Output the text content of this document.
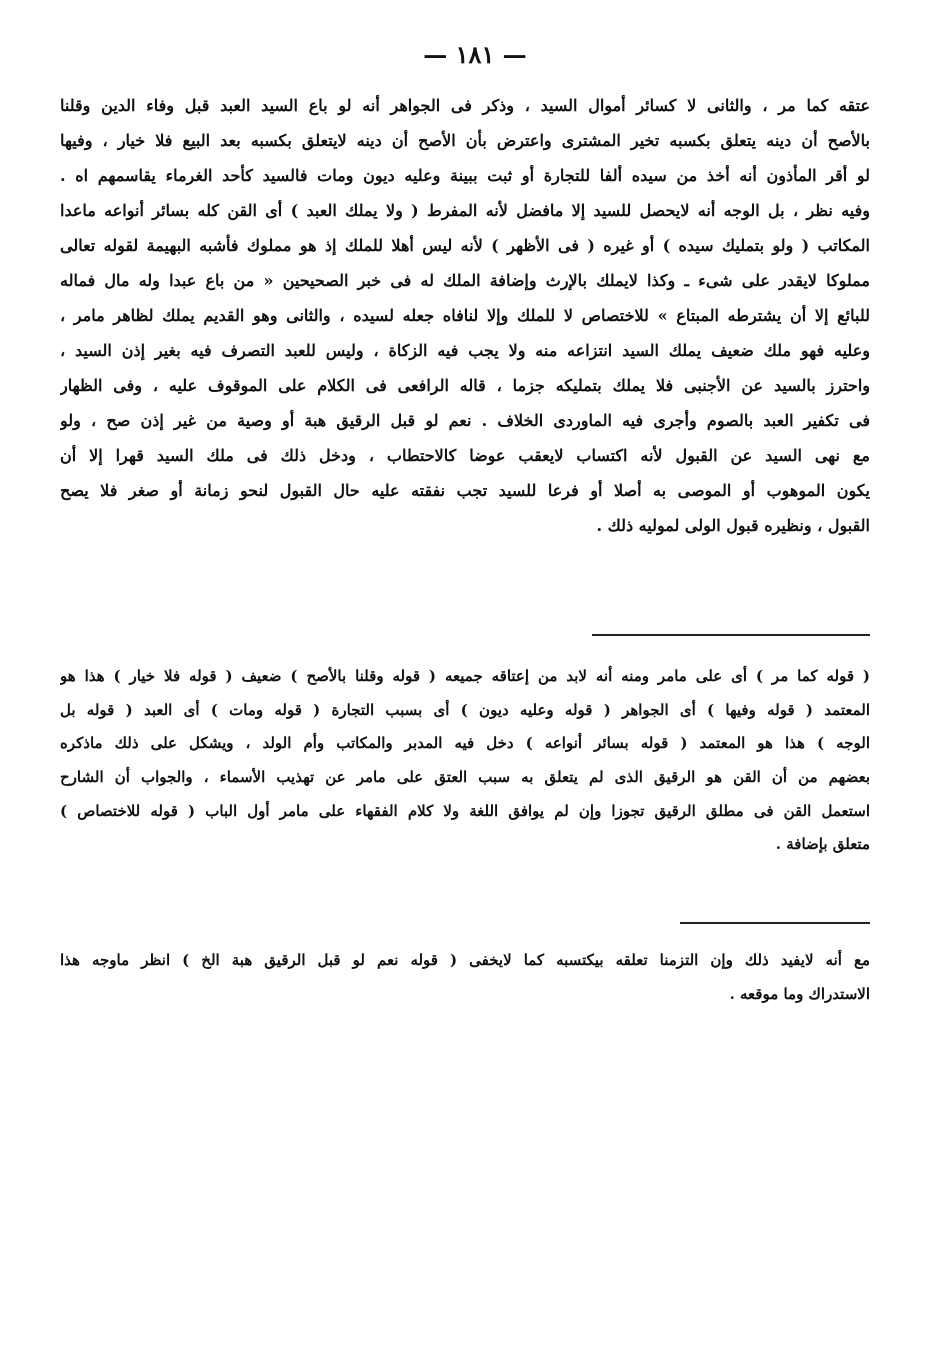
— ١٨١ —
عتقه كما مر ، والثانى لا كسائر أموال السيد ، وذكر فى الجواهر أنه لو باع السيد العبد قبل وفاء الدين وقلنا
بالأصح أن دينه يتعلق بكسبه تخير المشترى واعترض بأن الأصح أن دينه لايتعلق بكسبه بعد البيع فلا خيار ، وفيها
لو أقر المأذون أنه أخذ من سيده ألفا للتجارة أو ثبت ببينة وعليه ديون ومات فالسيد كأحد الغرماء يقاسمهم اه .
وفيه نظر ، بل الوجه أنه لايحصل للسيد إلا مافضل لأنه المفرط ( ولا يملك العبد ) أى القن كله بسائر أنواعه ماعدا
المكاتب ( ولو بتمليك سيده ) أو غيره ( فى الأظهر ) لأنه ليس أهلا للملك إذ هو مملوك فأشبه البهيمة لقوله تعالى
مملوكا لايقدر على شىء ـ وكذا لايملك بالإرث وإضافة الملك له فى خبر الصحيحين « من باع عبدا وله مال فماله
للبائع إلا أن يشترطه المبتاع » للاختصاص لا للملك وإلا لنافاه جعله لسيده ، والثانى وهو القديم يملك لظاهر مامر ،
وعليه فهو ملك ضعيف يملك السيد انتزاعه منه ولا يجب فيه الزكاة ، وليس للعبد التصرف فيه بغير إذن السيد ،
واحترز بالسيد عن الأجنبى فلا يملك بتمليكه جزما ، قاله الرافعى فى الكلام على الموقوف عليه ، وفى الظهار
فى تكفير العبد بالصوم وأجرى فيه الماوردى الخلاف . نعم لو قبل الرقيق هبة أو وصية من غير إذن صح ، ولو
مع نهى السيد عن القبول لأنه اكتساب لايعقب عوضا كالاحتطاب ، ودخل ذلك فى ملك السيد قهرا إلا أن
يكون الموهوب أو الموصى به أصلا أو فرعا للسيد تجب نفقته عليه حال القبول لنحو زمانة أو صغر فلا يصح
القبول ، ونظيره قبول الولى لموليه ذلك .
( قوله كما مر ) أى على مامر ومنه أنه لابد من إعتاقه جميعه ( قوله وقلنا بالأصح ) ضعيف ( قوله فلا خيار ) هذا هو
المعتمد ( قوله وفيها ) أى الجواهر ( قوله وعليه ديون ) أى بسبب التجارة ( قوله ومات ) أى العبد ( قوله بل
الوجه ) هذا هو المعتمد ( قوله بسائر أنواعه ) دخل فيه المدبر والمكاتب وأم الولد ، ويشكل على ذلك ماذكره
بعضهم من أن القن هو الرقيق الذى لم يتعلق به سبب العتق على مامر عن تهذيب الأسماء ، والجواب أن الشارح
استعمل القن فى مطلق الرقيق تجوزا وإن لم يوافق اللغة ولا كلام الفقهاء على مامر أول الباب ( قوله للاختصاص )
متعلق بإضافة .
مع أنه لايفيد ذلك وإن التزمنا تعلقه بيكتسبه كما لايخفى ( قوله نعم لو قبل الرقيق هبة الخ ) انظر ماوجه هذا
الاستدراك وما موقعه .
